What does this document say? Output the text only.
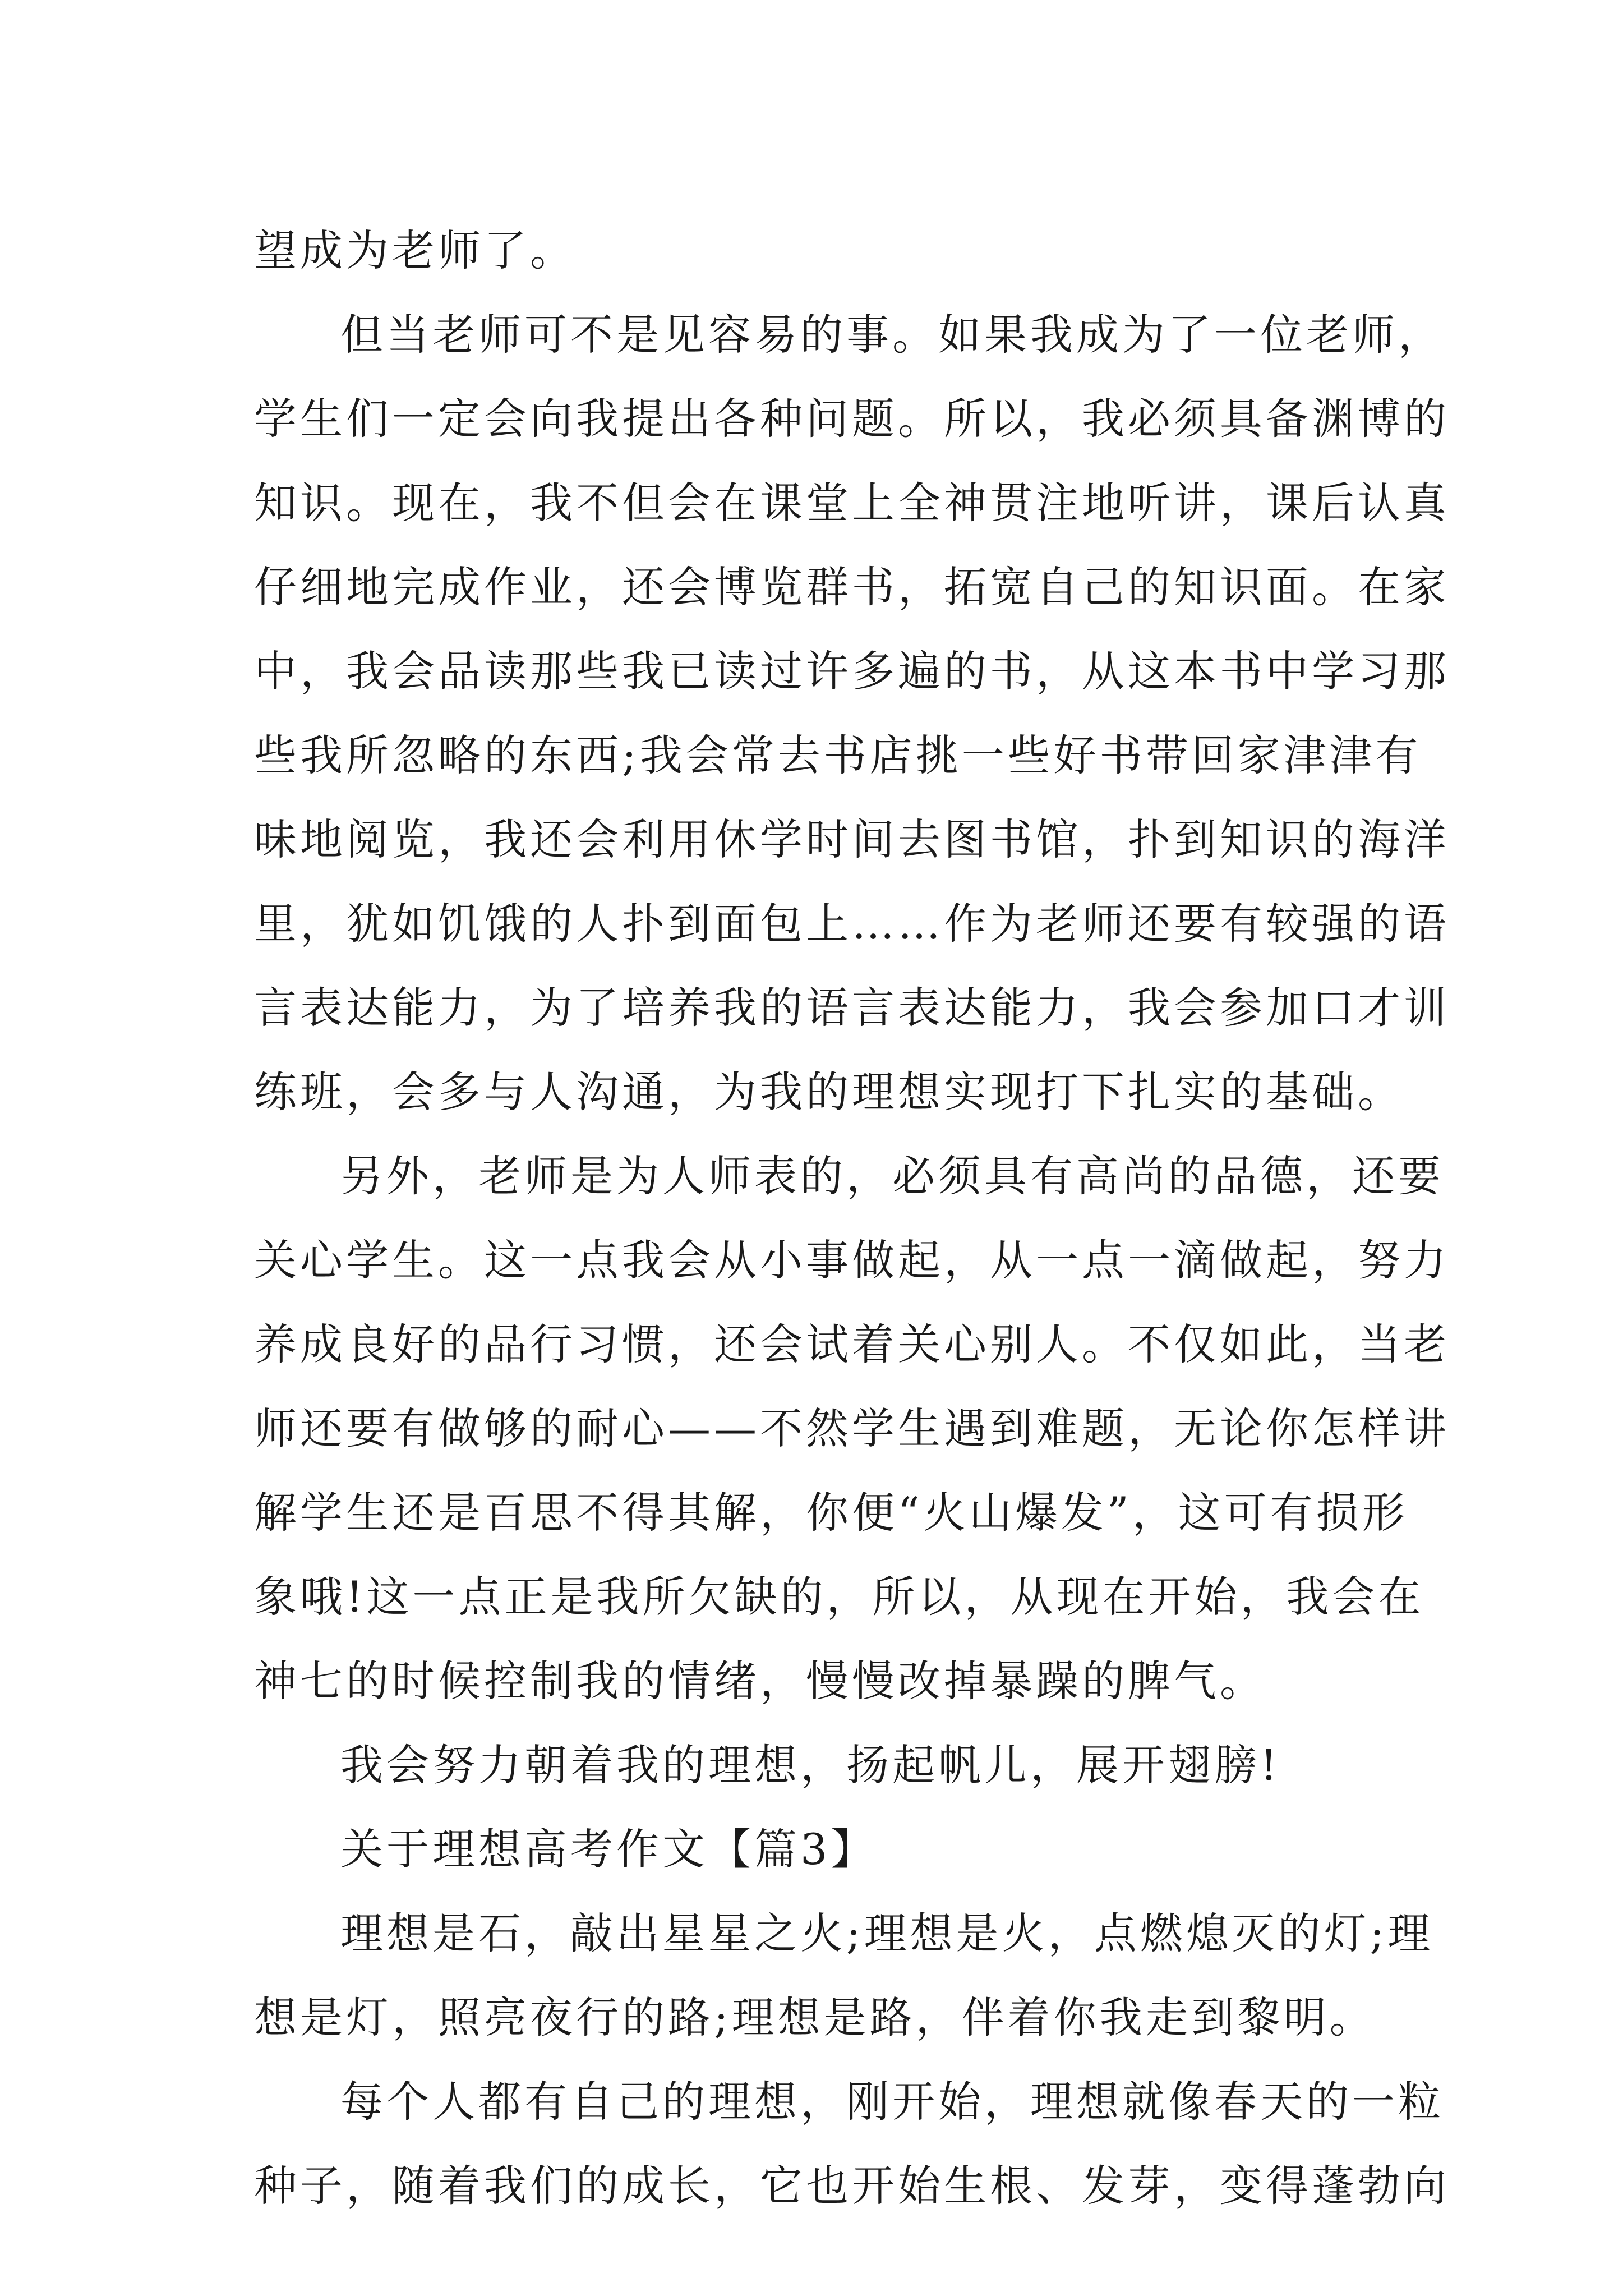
望成为老师了。
但当老师可不是见容易的事。如果我成为了一位老师，
学生们一定会向我提出各种问题。所以，我必须具备渊博的
知识。现在，我不但会在课堂上全神贯注地听讲，课后认真
仔细地完成作业，还会博览群书，拓宽自己的知识面。在家
中，我会品读那些我已读过许多遍的书，从这本书中学习那
些我所忽略的东西;我会常去书店挑一些好书带回家津津有
味地阅览，我还会利用休学时间去图书馆，扑到知识的海洋
里，犹如饥饿的人扑到面包上……作为老师还要有较强的语
言表达能力，为了培养我的语言表达能力，我会参加口才训
练班，会多与人沟通，为我的理想实现打下扎实的基础。
另外，老师是为人师表的，必须具有高尚的品德，还要
关心学生。这一点我会从小事做起，从一点一滴做起，努力
养成良好的品行习惯，还会试着关心别人。不仅如此，当老
师还要有做够的耐心——不然学生遇到难题，无论你怎样讲
解学生还是百思不得其解，你便“火山爆发”，这可有损形
象哦!这一点正是我所欠缺的，所以，从现在开始，我会在
神七的时候控制我的情绪，慢慢改掉暴躁的脾气。
我会努力朝着我的理想，扬起帆儿，展开翅膀!
关于理想高考作文【篇3】
理想是石，敲出星星之火;理想是火，点燃熄灭的灯;理
想是灯，照亮夜行的路;理想是路，伴着你我走到黎明。
每个人都有自己的理想，刚开始，理想就像春天的一粒
种子，随着我们的成长，它也开始生根、发芽，变得蓬勃向
